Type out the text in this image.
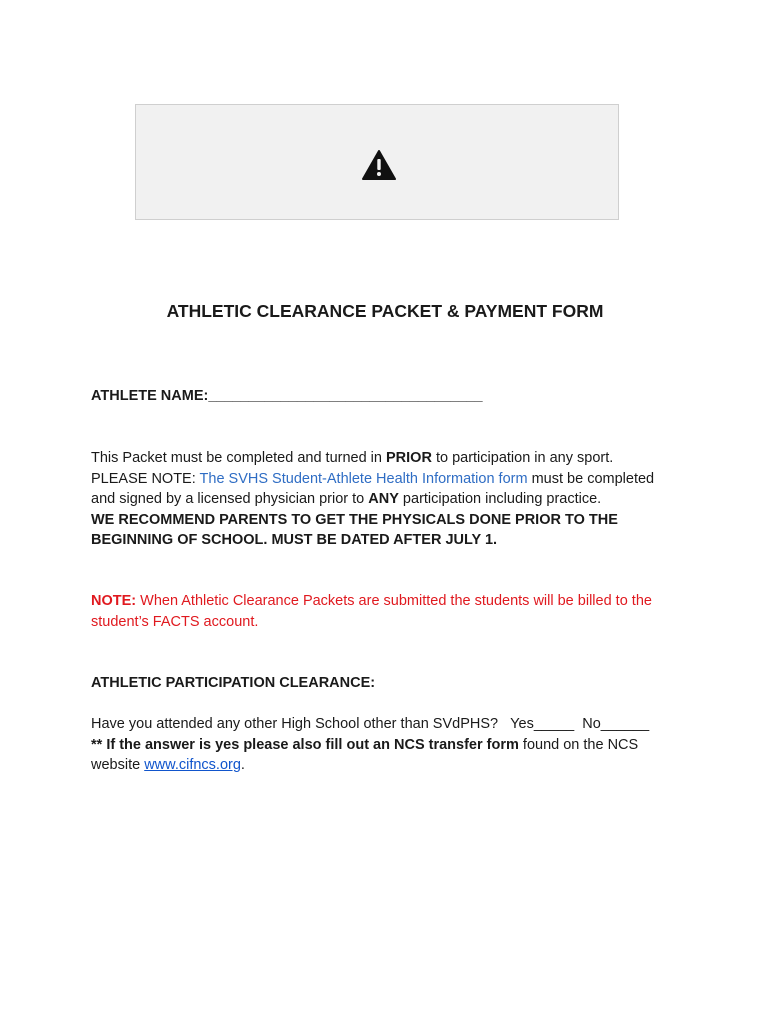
ATHLETIC CLEARANCE PACKET & PAYMENT FORM
ATHLETE NAME:__________________________________
This Packet must be completed and turned in PRIOR to participation in any sport.
PLEASE NOTE: The SVHS Student-Athlete Health Information form must be completed
and signed by a licensed physician prior to ANY participation including practice.
WE RECOMMEND PARENTS TO GET THE PHYSICALS DONE PRIOR TO THE
BEGINNING OF SCHOOL. MUST BE DATED AFTER JULY 1.
NOTE: When Athletic Clearance Packets are submitted the students will be billed to the
student’s FACTS account.
ATHLETIC PARTICIPATION CLEARANCE:
Have you attended any other High School other than SVdPHS? Yes_____ No______
** If the answer is yes please also fill out an NCS transfer form found on the NCS
website www.cifncs.org.
